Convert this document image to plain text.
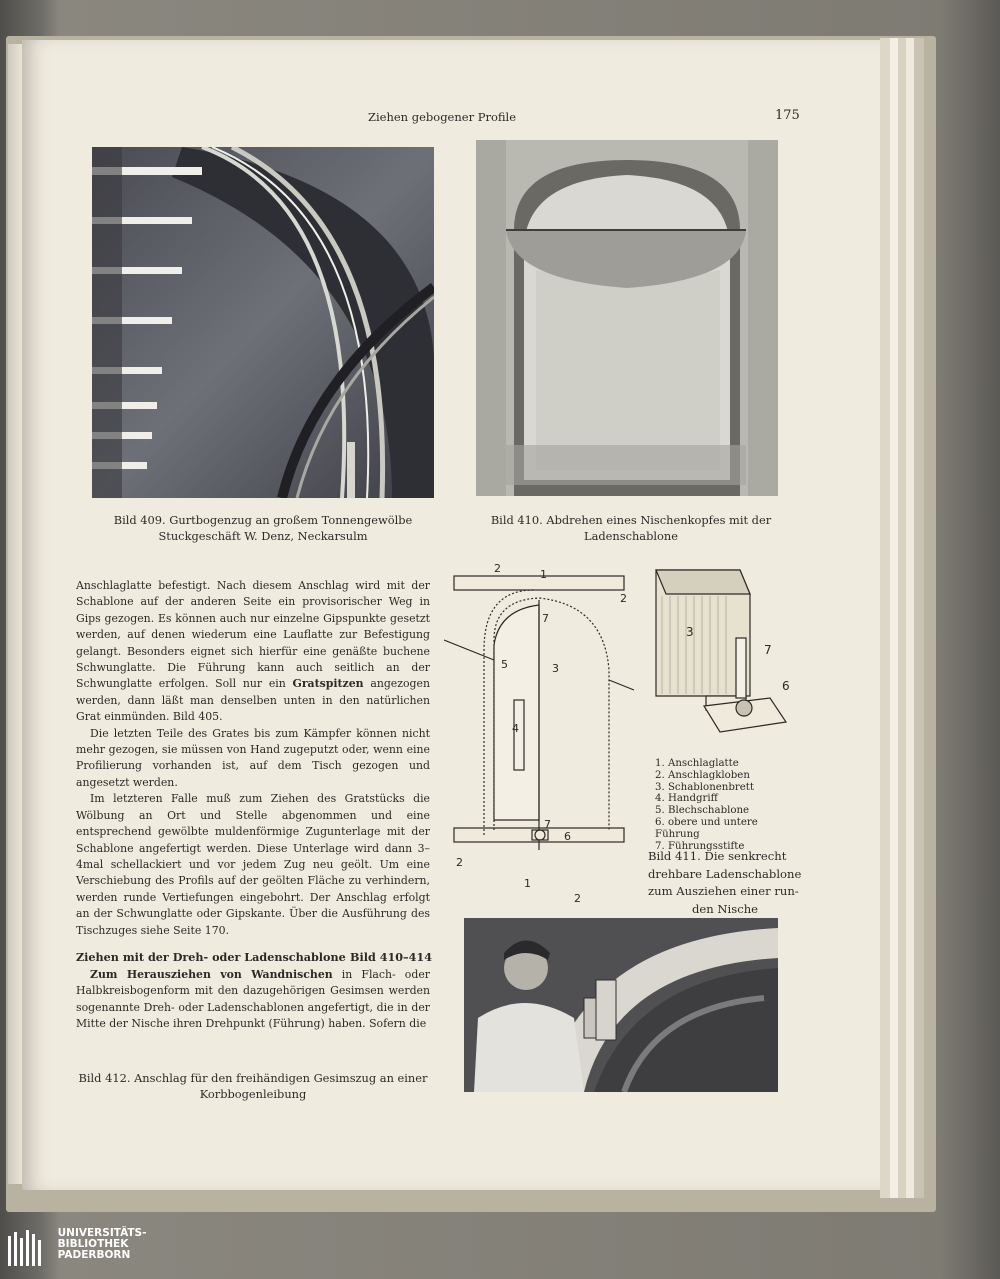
Ziehen gebogener Profile	175
Bild 409. Gurtbogenzug an großem Tonnengewölbe
Stuckgeschäft W. Denz, Neckarsulm
Bild 410. Abdrehen eines Nischenkopfes mit der
Ladenschablone
1
2
2
3
4
5
6
7
7
2
1
2
3
7
6
1. Anschlaglatte
2. Anschlagkloben
3. Schablonenbrett
4. Handgriff
5. Blechschablone
6. obere und untere Führung
7. Führungsstifte
Bild 411. Die senkrecht
drehbare Ladenschablone
zum Ausziehen einer run-
den Nische

Anschlaglatte befestigt. Nach diesem Anschlag wird mit der Schablone auf der anderen Seite ein provisorischer Weg in Gips gezogen. Es können auch nur einzelne Gipspunkte gesetzt werden, auf denen wiederum eine Lauflatte zur Befestigung gelangt. Besonders eignet sich hierfür eine genäßte buchene Schwunglatte. Die Führung kann auch seitlich an der Schwunglatte erfolgen. Soll nur ein Gratspitzen angezogen werden, dann läßt man denselben unten in den natürlichen Grat einmünden. Bild 405.

Die letzten Teile des Grates bis zum Kämpfer können nicht mehr gezogen, sie müssen von Hand zugeputzt oder, wenn eine Profilierung vorhanden ist, auf dem Tisch gezogen und angesetzt werden.

Im letzteren Falle muß zum Ziehen des Gratstücks die Wölbung an Ort und Stelle abgenommen und eine entsprechend gewölbte muldenförmige Zugunterlage mit der Schablone angefertigt werden. Diese Unterlage wird dann 3–4mal schellackiert und vor jedem Zug neu geölt. Um eine Verschiebung des Profils auf der geölten Fläche zu verhindern, werden runde Vertiefungen eingebohrt. Der Anschlag erfolgt an der Schwunglatte oder Gipskante. Über die Ausführung des Tischzuges siehe Seite 170.

Ziehen mit der Dreh- oder Ladenschablone Bild 410–414

Zum Herausziehen von Wandnischen in Flach- oder Halbkreisbogenform mit den dazugehörigen Gesimsen werden sogenannte Dreh- oder Ladenschablonen angefertigt, die in der Mitte der Nische ihren Drehpunkt (Führung) haben. Sofern die

Bild 412. Anschlag für den freihändigen Gesimszug an einer
Korbbogenleibung

UNIVERSITÄTS-
BIBLIOTHEK
PADERBORN
